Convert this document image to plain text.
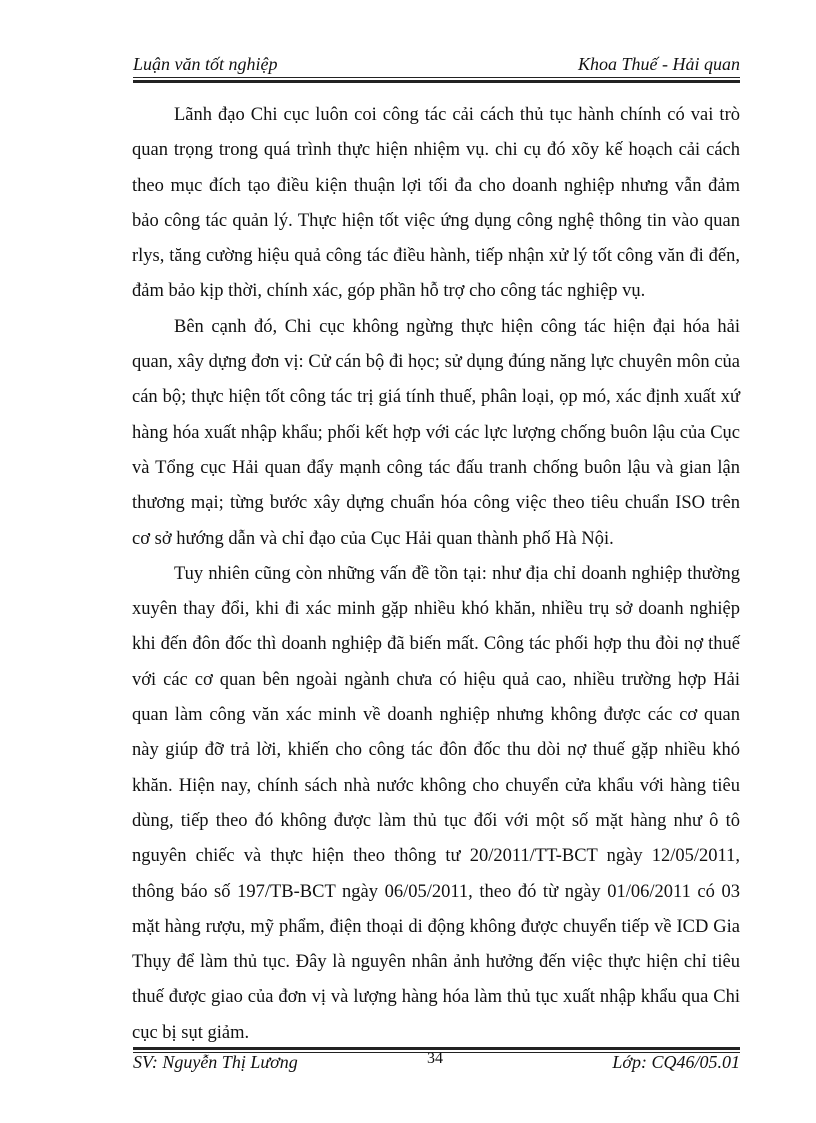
Luận văn tốt nghiệp	Khoa Thuế - Hải quan

Lãnh đạo Chi cục luôn coi công tác cải cách thủ tục hành chính có vai trò quan trọng trong quá trình thực hiện nhiệm vụ. chi cụ đó xõy kế hoạch cải cách theo mục đích tạo điều kiện thuận lợi tối đa cho doanh nghiệp nhưng vẫn đảm bảo công tác quản lý. Thực hiện tốt việc ứng dụng công nghệ thông tin vào quan rlys, tăng cường hiệu quả công tác điều hành, tiếp nhận xử lý tốt công văn đi đến, đảm bảo kịp thời, chính xác, góp phần hỗ trợ cho công tác nghiệp vụ.

Bên cạnh đó, Chi cục không ngừng thực hiện công tác hiện đại hóa hải quan, xây dựng đơn vị: Cử cán bộ đi học; sử dụng đúng năng lực chuyên môn của cán bộ; thực hiện tốt công tác trị giá tính thuế, phân loại, ọp mó, xác định xuất xứ hàng hóa xuất nhập khẩu; phối kết hợp với các lực lượng chống buôn lậu của Cục và Tổng cục Hải quan đẩy mạnh công tác đấu tranh chống buôn lậu và gian lận thương mại; từng bước xây dựng chuẩn hóa công việc theo tiêu chuẩn ISO trên cơ sở hướng dẫn và chỉ đạo của Cục Hải quan thành phố Hà Nội.

Tuy nhiên cũng còn những vấn đề tồn tại: như địa chỉ doanh nghiệp thường xuyên thay đổi, khi đi xác minh gặp nhiều khó khăn, nhiều trụ sở doanh nghiệp khi đến đôn đốc thì doanh nghiệp đã biến mất. Công tác phối hợp thu đòi nợ thuế với các cơ quan bên ngoài ngành chưa có hiệu quả cao, nhiều trường hợp Hải quan làm công văn xác minh về doanh nghiệp nhưng không được các cơ quan này giúp đỡ trả lời, khiến cho công tác đôn đốc thu dòi nợ thuế gặp nhiều khó khăn. Hiện nay, chính sách nhà nước không cho chuyển cửa khẩu với hàng tiêu dùng, tiếp theo đó không được làm thủ tục đối với một số mặt hàng như ô tô nguyên chiếc và thực hiện theo thông tư 20/2011/TT-BCT ngày 12/05/2011, thông báo số 197/TB-BCT ngày 06/05/2011, theo đó từ ngày 01/06/2011 có 03 mặt hàng rượu, mỹ phẩm, điện thoại di động không được chuyển tiếp về ICD Gia Thụy để làm thủ tục. Đây là nguyên nhân ảnh hưởng đến việc thực hiện chỉ tiêu thuế được giao của đơn vị và lượng hàng hóa làm thủ tục xuất nhập khẩu qua Chi cục bị sụt giảm.

SV: Nguyễn Thị Lương	34	Lớp: CQ46/05.01
